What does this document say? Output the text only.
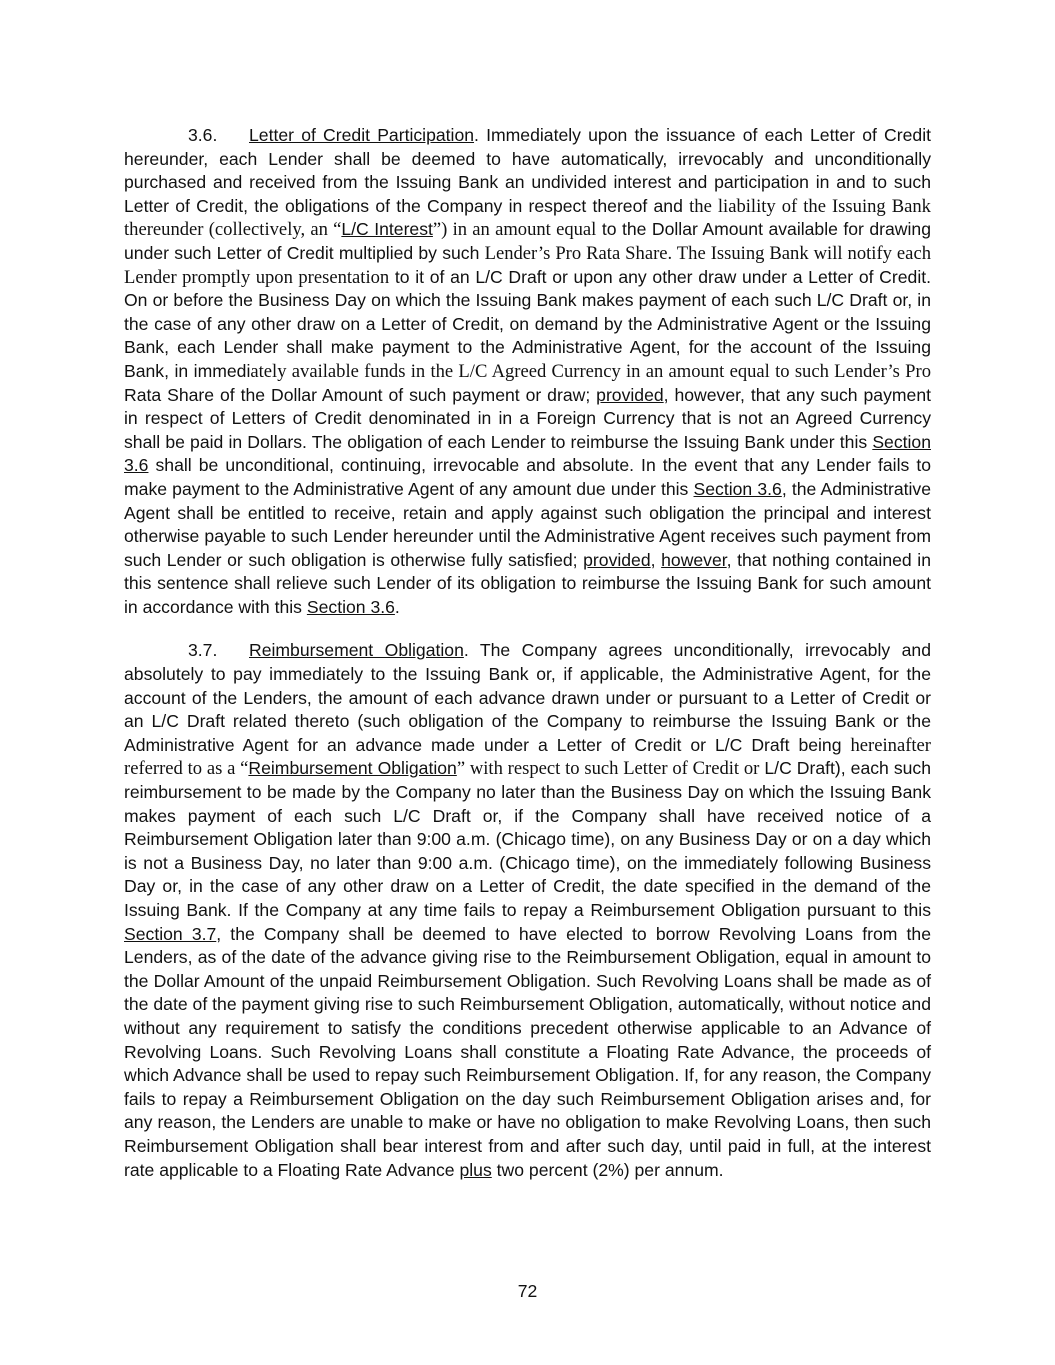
3.6. Letter of Credit Participation. Immediately upon the issuance of each Letter of Credit hereunder, each Lender shall be deemed to have automatically, irrevocably and unconditionally purchased and received from the Issuing Bank an undivided interest and participation in and to such Letter of Credit, the obligations of the Company in respect thereof and the liability of the Issuing Bank thereunder (collectively, an “L/C Interest”) in an amount equal to the Dollar Amount available for drawing under such Letter of Credit multiplied by such Lender’s Pro Rata Share. The Issuing Bank will notify each Lender promptly upon presentation to it of an L/C Draft or upon any other draw under a Letter of Credit. On or before the Business Day on which the Issuing Bank makes payment of each such L/C Draft or, in the case of any other draw on a Letter of Credit, on demand by the Administrative Agent or the Issuing Bank, each Lender shall make payment to the Administrative Agent, for the account of the Issuing Bank, in immediately available funds in the L/C Agreed Currency in an amount equal to such Lender’s Pro Rata Share of the Dollar Amount of such payment or draw; provided, however, that any such payment in respect of Letters of Credit denominated in in a Foreign Currency that is not an Agreed Currency shall be paid in Dollars. The obligation of each Lender to reimburse the Issuing Bank under this Section 3.6 shall be unconditional, continuing, irrevocable and absolute. In the event that any Lender fails to make payment to the Administrative Agent of any amount due under this Section 3.6, the Administrative Agent shall be entitled to receive, retain and apply against such obligation the principal and interest otherwise payable to such Lender hereunder until the Administrative Agent receives such payment from such Lender or such obligation is otherwise fully satisfied; provided, however, that nothing contained in this sentence shall relieve such Lender of its obligation to reimburse the Issuing Bank for such amount in accordance with this Section 3.6.

3.7. Reimbursement Obligation. The Company agrees unconditionally, irrevocably and absolutely to pay immediately to the Issuing Bank or, if applicable, the Administrative Agent, for the account of the Lenders, the amount of each advance drawn under or pursuant to a Letter of Credit or an L/C Draft related thereto (such obligation of the Company to reimburse the Issuing Bank or the Administrative Agent for an advance made under a Letter of Credit or L/C Draft being hereinafter referred to as a “Reimbursement Obligation” with respect to such Letter of Credit or L/C Draft), each such reimbursement to be made by the Company no later than the Business Day on which the Issuing Bank makes payment of each such L/C Draft or, if the Company shall have received notice of a Reimbursement Obligation later than 9:00 a.m. (Chicago time), on any Business Day or on a day which is not a Business Day, no later than 9:00 a.m. (Chicago time), on the immediately following Business Day or, in the case of any other draw on a Letter of Credit, the date specified in the demand of the Issuing Bank. If the Company at any time fails to repay a Reimbursement Obligation pursuant to this Section 3.7, the Company shall be deemed to have elected to borrow Revolving Loans from the Lenders, as of the date of the advance giving rise to the Reimbursement Obligation, equal in amount to the Dollar Amount of the unpaid Reimbursement Obligation. Such Revolving Loans shall be made as of the date of the payment giving rise to such Reimbursement Obligation, automatically, without notice and without any requirement to satisfy the conditions precedent otherwise applicable to an Advance of Revolving Loans. Such Revolving Loans shall constitute a Floating Rate Advance, the proceeds of which Advance shall be used to repay such Reimbursement Obligation. If, for any reason, the Company fails to repay a Reimbursement Obligation on the day such Reimbursement Obligation arises and, for any reason, the Lenders are unable to make or have no obligation to make Revolving Loans, then such Reimbursement Obligation shall bear interest from and after such day, until paid in full, at the interest rate applicable to a Floating Rate Advance plus two percent (2%) per annum.

72
